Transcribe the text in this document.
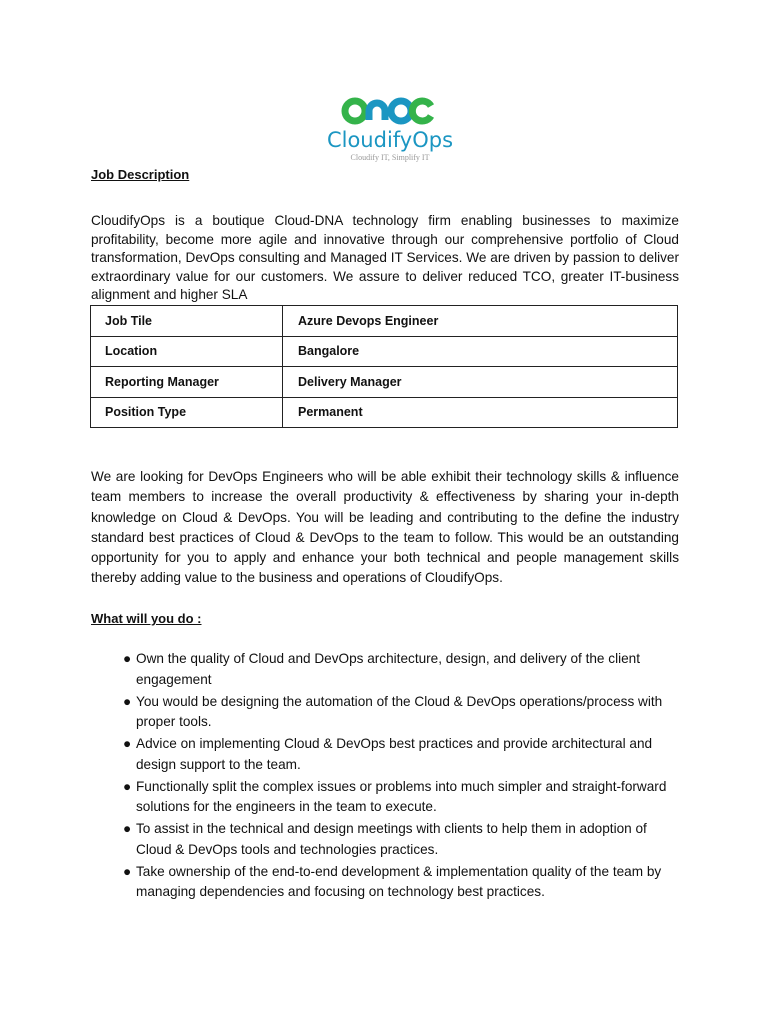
CloudifyOps
Cloudify IT, Simplify IT
Job Description

CloudifyOps is a boutique Cloud-DNA technology firm enabling businesses to maximize profitability, become more agile and innovative through our comprehensive portfolio of Cloud transformation, DevOps consulting and Managed IT Services. We are driven by passion to deliver extraordinary value for our customers. We assure to deliver reduced TCO, greater IT-business alignment and higher SLA

Job Tile	Azure Devops Engineer
Location	Bangalore
Reporting Manager	Delivery Manager
Position Type	Permanent

We are looking for DevOps Engineers who will be able exhibit their technology skills & influence team members to increase the overall productivity & effectiveness by sharing your in-depth knowledge on Cloud & DevOps. You will be leading and contributing to the define the industry standard best practices of Cloud & DevOps to the team to follow. This would be an outstanding opportunity for you to apply and enhance your both technical and people management skills thereby adding value to the business and operations of CloudifyOps.

What will you do :
● Own the quality of Cloud and DevOps architecture, design, and delivery of the client engagement
● You would be designing the automation of the Cloud & DevOps operations/process with proper tools.
● Advice on implementing Cloud & DevOps best practices and provide architectural and design support to the team.
● Functionally split the complex issues or problems into much simpler and straight-forward solutions for the engineers in the team to execute.
● To assist in the technical and design meetings with clients to help them in adoption of Cloud & DevOps tools and technologies practices.
● Take ownership of the end-to-end development & implementation quality of the team by managing dependencies and focusing on technology best practices.
